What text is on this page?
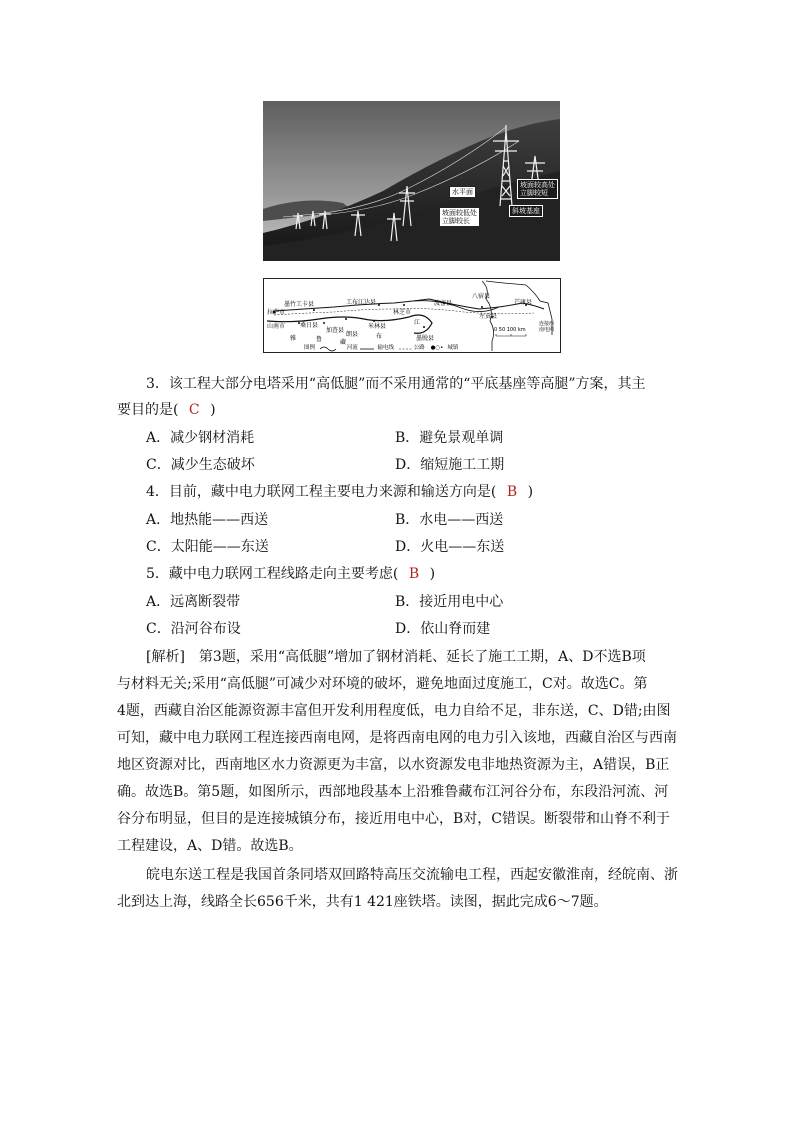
水平面
坡面较低处
立脚较长
坡面较高处
立脚较短
斜坡基座
墨竹工卡县
拉萨市
工布江达县
林芝市
波密县
八宿县
芒康县
左贡县
连接西
南电网
山南市 桑日县
加查县
朗县
米林县
墨脱县
雅	鲁	藏
布
江
0 50 100 km
图例	河流	输电线	公路 ●○• 城镇
3．该工程大部分电塔采用“高低腿”而不采用通常的“平底基座等高腿”方案，其主
要目的是( C )
A．减少钢材消耗	B．避免景观单调
C．减少生态破坏	D．缩短施工工期
4．目前，藏中电力联网工程主要电力来源和输送方向是( B )
A．地热能——西送	B．水电——西送
C．太阳能——东送	D．火电——东送
5．藏中电力联网工程线路走向主要考虑( B )
A．远离断裂带	B．接近用电中心
C．沿河谷布设	D．依山脊而建
[解析]　第3题，采用“高低腿”增加了钢材消耗、延长了施工工期，A、D不选B项
与材料无关;采用“高低腿”可减少对环境的破坏，避免地面过度施工，C对。故选C。第
4题，西藏自治区能源资源丰富但开发利用程度低，电力自给不足，非东送，C、D错;由图
可知，藏中电力联网工程连接西南电网，是将西南电网的电力引入该地，西藏自治区与西南
地区资源对比，西南地区水力资源更为丰富，以水资源发电非地热资源为主，A错误，B正
确。故选B。第5题，如图所示，西部地段基本上沿雅鲁藏布江河谷分布，东段沿河流、河
谷分布明显，但目的是连接城镇分布，接近用电中心，B对，C错误。断裂带和山脊不利于
工程建设，A、D错。故选B。
皖电东送工程是我国首条同塔双回路特高压交流输电工程，西起安徽淮南，经皖南、浙
北到达上海，线路全长656千米，共有1 421座铁塔。读图，据此完成6～7题。
